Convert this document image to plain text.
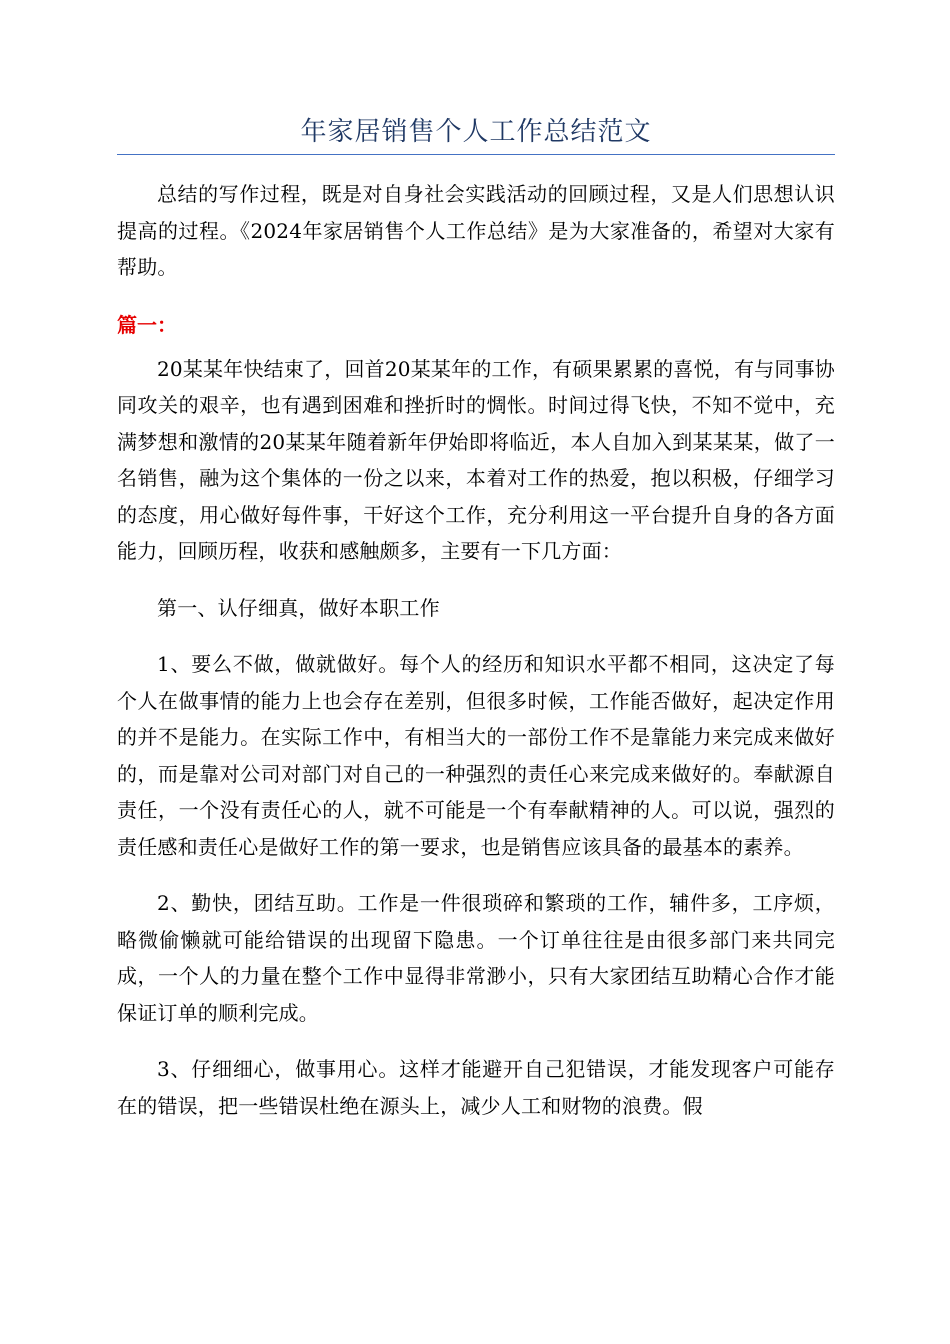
年家居销售个人工作总结范文

总结的写作过程，既是对自身社会实践活动的回顾过程，又是人们思想认识提高的过程。《2024年家居销售个人工作总结》是为大家准备的，希望对大家有帮助。

篇一：

20某某年快结束了，回首20某某年的工作，有硕果累累的喜悦，有与同事协同攻关的艰辛，也有遇到困难和挫折时的惆怅。时间过得飞快，不知不觉中，充满梦想和激情的20某某年随着新年伊始即将临近，本人自加入到某某某，做了一名销售，融为这个集体的一份之以来，本着对工作的热爱，抱以积极，仔细学习的态度，用心做好每件事，干好这个工作，充分利用这一平台提升自身的各方面能力，回顾历程，收获和感触颇多，主要有一下几方面：

第一、认仔细真，做好本职工作

1、要么不做，做就做好。每个人的经历和知识水平都不相同，这决定了每个人在做事情的能力上也会存在差别，但很多时候，工作能否做好，起决定作用的并不是能力。在实际工作中，有相当大的一部份工作不是靠能力来完成来做好的，而是靠对公司对部门对自己的一种强烈的责任心来完成来做好的。奉献源自责任，一个没有责任心的人，就不可能是一个有奉献精神的人。可以说，强烈的责任感和责任心是做好工作的第一要求，也是销售应该具备的最基本的素养。

2、勤快，团结互助。工作是一件很琐碎和繁琐的工作，辅件多，工序烦，略微偷懒就可能给错误的出现留下隐患。一个订单往往是由很多部门来共同完成，一个人的力量在整个工作中显得非常渺小，只有大家团结互助精心合作才能保证订单的顺利完成。

3、仔细细心，做事用心。这样才能避开自己犯错误，才能发现客户可能存在的错误，把一些错误杜绝在源头上，减少人工和财物的浪费。假
